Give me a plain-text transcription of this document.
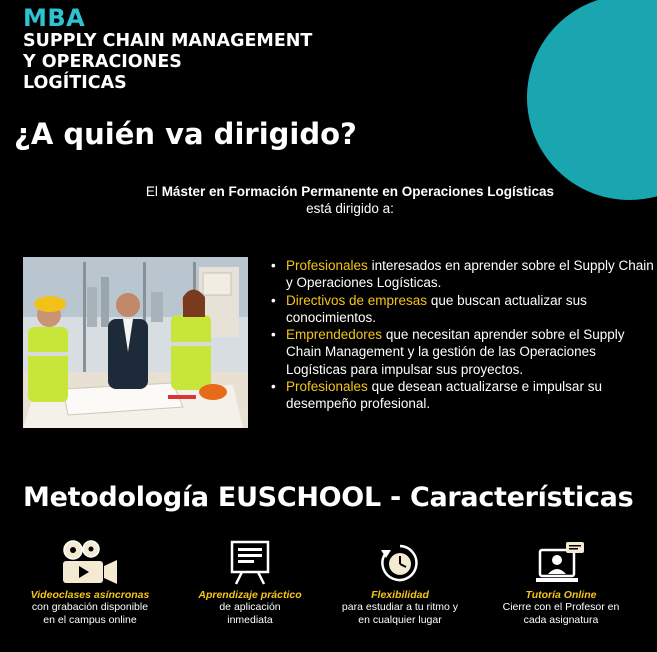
MBA
SUPPLY CHAIN MANAGEMENT
Y OPERACIONES
LOGÍTICAS
¿A quién va dirigido?
El Máster en Formación Permanente en Operaciones Logísticas
está dirigido a:
• Profesionales interesados en aprender sobre el Supply Chain y Operaciones Logísticas.
• Directivos de empresas que buscan actualizar sus conocimientos.
• Emprendedores que necesitan aprender sobre el Supply Chain Management y la gestión de las Operaciones Logísticas para impulsar sus proyectos.
• Profesionales que desean actualizarse e impulsar su desempeño profesional.
Metodología EUSCHOOL - Características
Videoclases asíncronas
con grabación disponible
en el campus online
Aprendizaje práctico
de aplicación
inmediata
Flexibilidad
para estudiar a tu ritmo y
en cualquier lugar
Tutoría Online
Cierre con el Profesor en
cada asignatura
